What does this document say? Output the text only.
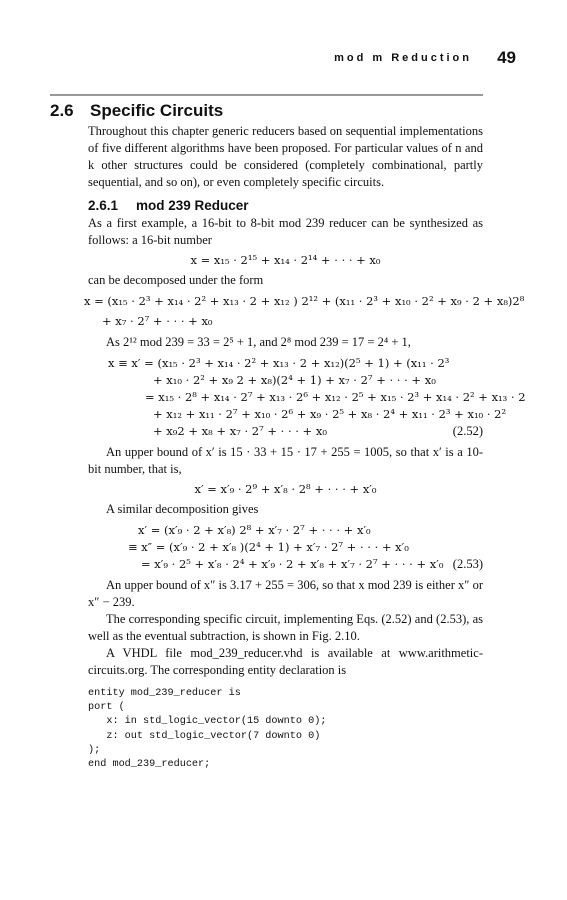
mod m Reduction 49
2.6 Specific Circuits

Throughout this chapter generic reducers based on sequential implementations of five different algorithms have been proposed. For particular values of n and k other structures could be considered (completely combinational, partly sequential, and so on), or even completely specific circuits.

2.6.1 mod 239 Reducer

As a first example, a 16-bit to 8-bit mod 239 reducer can be synthesized as follows: a 16-bit number

x = x₁₅ · 2¹⁵ + x₁₄ · 2¹⁴ + · · · + x₀

can be decomposed under the form

x = (x₁₅ · 2³ + x₁₄ · 2² + x₁₃ · 2 + x₁₂ ) 2¹² + (x₁₁ · 2³ + x₁₀ · 2² + x₉ · 2 + x₈)2⁸
+ x₇ · 2⁷ + · · · + x₀

As 2¹² mod 239 = 33 = 2⁵ + 1, and 2⁸ mod 239 = 17 = 2⁴ + 1,

x ≡ x′ = (x₁₅ · 2³ + x₁₄ · 2² + x₁₃ · 2 + x₁₂)(2⁵ + 1) + (x₁₁ · 2³
+ x₁₀ · 2² + x₉ 2 + x₈)(2⁴ + 1) + x₇ · 2⁷ + · · · + x₀
= x₁₅ · 2⁸ + x₁₄ · 2⁷ + x₁₃ · 2⁶ + x₁₂ · 2⁵ + x₁₅ · 2³ + x₁₄ · 2² + x₁₃ · 2
+ x₁₂ + x₁₁ · 2⁷ + x₁₀ · 2⁶ + x₉ · 2⁵ + x₈ · 2⁴ + x₁₁ · 2³ + x₁₀ · 2²
+ x₉2 + x₈ + x₇ · 2⁷ + · · · + x₀	(2.52)

An upper bound of x′ is 15 · 33 + 15 · 17 + 255 = 1005, so that x′ is a 10-bit number, that is,

x′ = x′₉ · 2⁹ + x′₈ · 2⁸ + · · · + x′₀

A similar decomposition gives

x′ = (x′₉ · 2 + x′₈) 2⁸ + x′₇ · 2⁷ + · · · + x′₀
≡ x″ = (x′₉ · 2 + x′₈ )(2⁴ + 1) + x′₇ · 2⁷ + · · · + x′₀
= x′₉ · 2⁵ + x′₈ · 2⁴ + x′₉ · 2 + x′₈ + x′₇ · 2⁷ + · · · + x′₀ (2.53)

An upper bound of x″ is 3.17 + 255 = 306, so that x mod 239 is either x″ or x″ − 239.

The corresponding specific circuit, implementing Eqs. (2.52) and (2.53), as well as the eventual subtraction, is shown in Fig. 2.10.

A VHDL file mod_239_reducer.vhd is available at www.arithmetic-circuits.org. The corresponding entity declaration is

entity mod_239_reducer is
port (
x: in std_logic_vector(15 downto 0);
z: out std_logic_vector(7 downto 0)
);
end mod_239_reducer;
